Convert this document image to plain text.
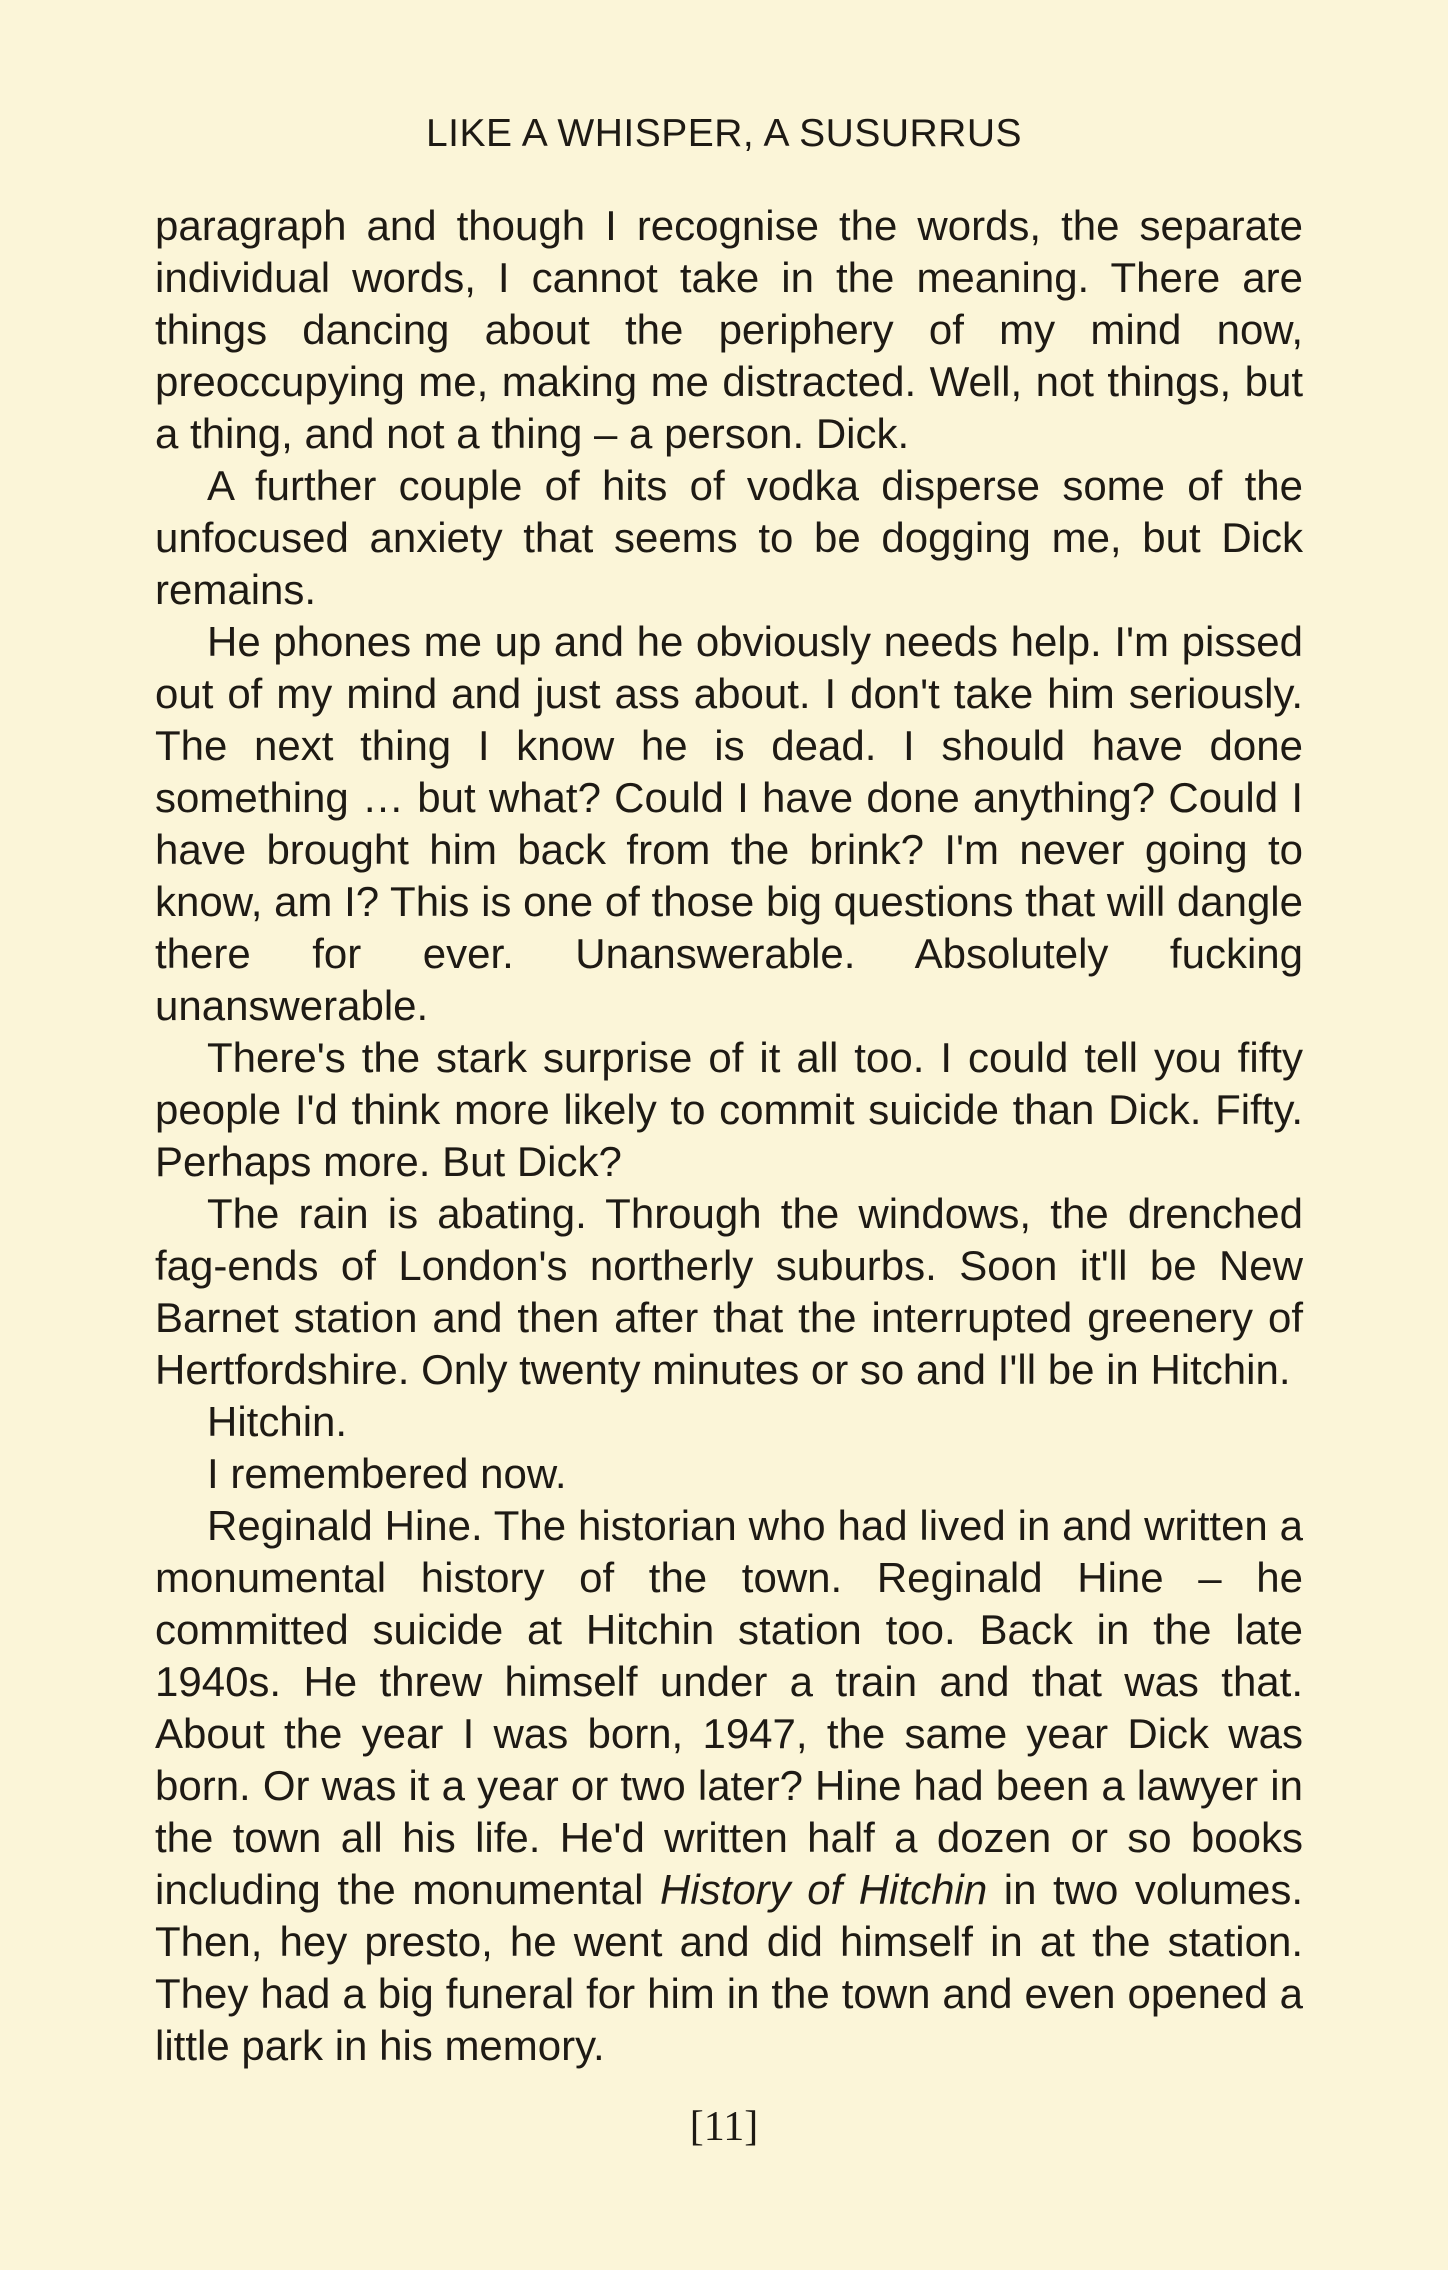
LIKE A WHISPER, A SUSURRUS

paragraph and though I recognise the words, the separate individual words, I cannot take in the meaning. There are things dancing about the periphery of my mind now, preoccupying me, making me distracted. Well, not things, but a thing, and not a thing – a person. Dick.

A further couple of hits of vodka disperse some of the unfocused anxiety that seems to be dogging me, but Dick remains.

He phones me up and he obviously needs help. I'm pissed out of my mind and just ass about. I don't take him seriously. The next thing I know he is dead. I should have done something … but what? Could I have done anything? Could I have brought him back from the brink? I'm never going to know, am I? This is one of those big questions that will dangle there for ever. Unanswerable. Absolutely fucking unanswerable.

There's the stark surprise of it all too. I could tell you fifty people I'd think more likely to commit suicide than Dick. Fifty. Perhaps more. But Dick?

The rain is abating. Through the windows, the drenched fag-ends of London's northerly suburbs. Soon it'll be New Barnet station and then after that the interrupted greenery of Hertfordshire. Only twenty minutes or so and I'll be in Hitchin.

Hitchin.

I remembered now.

Reginald Hine. The historian who had lived in and written a monumental history of the town. Reginald Hine – he committed suicide at Hitchin station too. Back in the late 1940s. He threw himself under a train and that was that. About the year I was born, 1947, the same year Dick was born. Or was it a year or two later? Hine had been a lawyer in the town all his life. He'd written half a dozen or so books including the monumental History of Hitchin in two volumes. Then, hey presto, he went and did himself in at the station. They had a big funeral for him in the town and even opened a little park in his memory.

[11]
